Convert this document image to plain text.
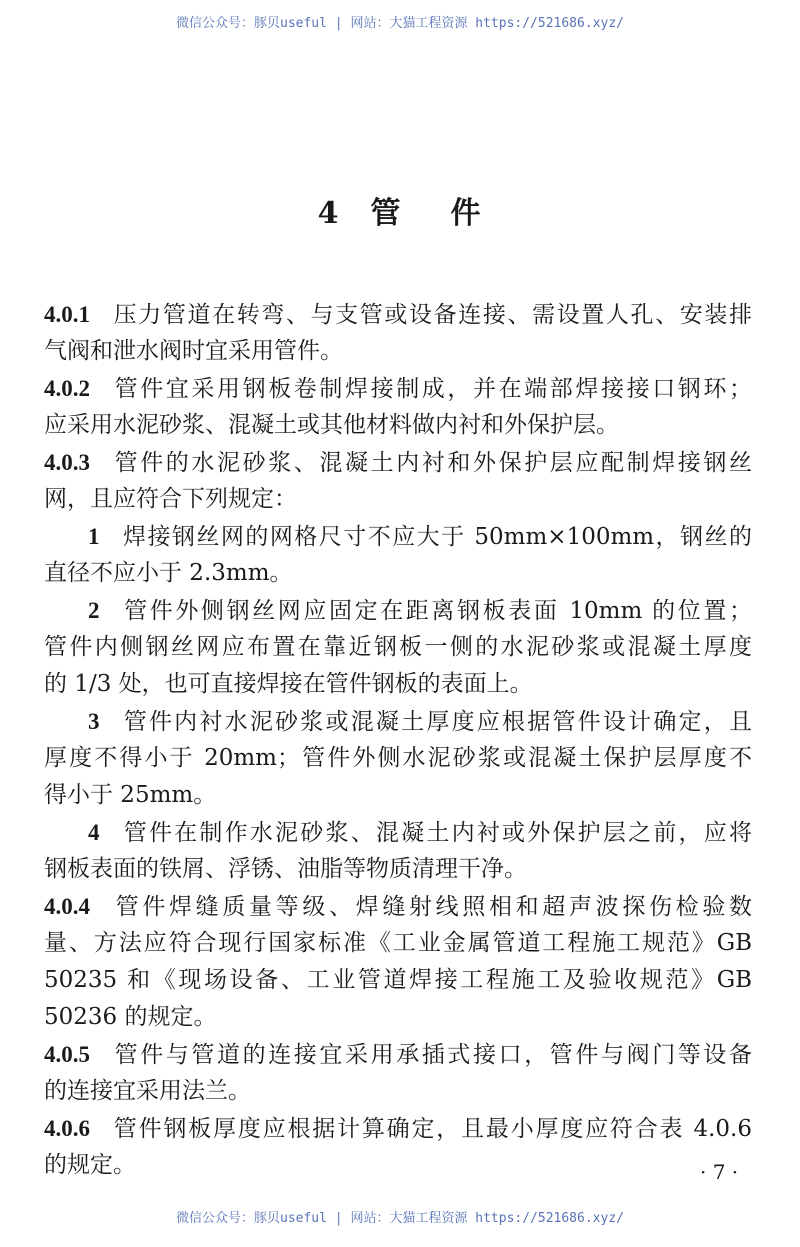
微信公众号：豚贝useful | 网站：大猫工程资源 https://521686.xyz/
4 管 件
4.0.1 压力管道在转弯、与支管或设备连接、需设置人孔、安装排
气阀和泄水阀时宜采用管件。
4.0.2 管件宜采用钢板卷制焊接制成，并在端部焊接接口钢环；
应采用水泥砂浆、混凝土或其他材料做内衬和外保护层。
4.0.3 管件的水泥砂浆、混凝土内衬和外保护层应配制焊接钢丝
网，且应符合下列规定：
1 焊接钢丝网的网格尺寸不应大于 50mm×100mm，钢丝的
直径不应小于 2.3mm。
2 管件外侧钢丝网应固定在距离钢板表面 10mm 的位置；
管件内侧钢丝网应布置在靠近钢板一侧的水泥砂浆或混凝土厚度
的 1/3 处，也可直接焊接在管件钢板的表面上。
3 管件内衬水泥砂浆或混凝土厚度应根据管件设计确定，且
厚度不得小于 20mm；管件外侧水泥砂浆或混凝土保护层厚度不
得小于 25mm。
4 管件在制作水泥砂浆、混凝土内衬或外保护层之前，应将
钢板表面的铁屑、浮锈、油脂等物质清理干净。
4.0.4 管件焊缝质量等级、焊缝射线照相和超声波探伤检验数
量、方法应符合现行国家标准《工业金属管道工程施工规范》GB
50235 和《现场设备、工业管道焊接工程施工及验收规范》GB
50236 的规定。
4.0.5 管件与管道的连接宜采用承插式接口，管件与阀门等设备
的连接宜采用法兰。
4.0.6 管件钢板厚度应根据计算确定，且最小厚度应符合表 4.0.6
的规定。	· 7 ·
微信公众号：豚贝useful | 网站：大猫工程资源 https://521686.xyz/
